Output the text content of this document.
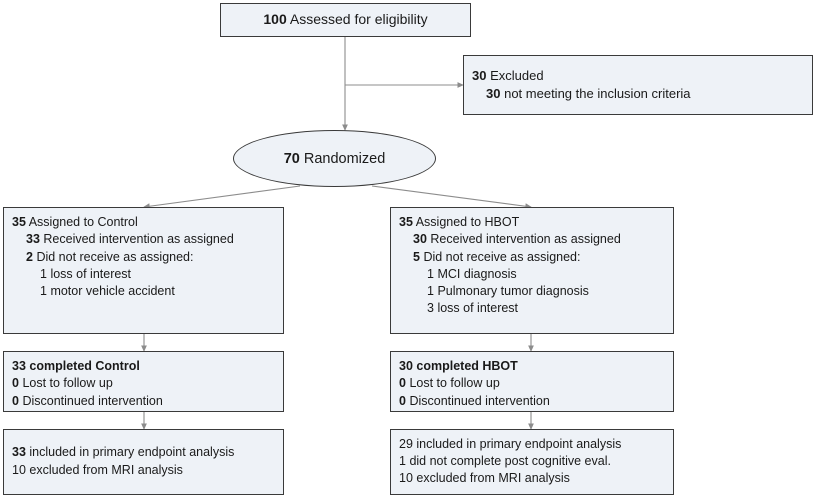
100 Assessed for eligibility
30 Excluded
30 not meeting the inclusion criteria
70 Randomized
35 Assigned to Control
33 Received intervention as assigned
2 Did not receive as assigned:
1 loss of interest
1 motor vehicle accident
35 Assigned to HBOT
30 Received intervention as assigned
5 Did not receive as assigned:
1 MCI diagnosis
1 Pulmonary tumor diagnosis
3 loss of interest
33 completed Control
0 Lost to follow up
0 Discontinued intervention
30 completed HBOT
0 Lost to follow up
0 Discontinued intervention
33 included in primary endpoint analysis
10 excluded from MRI analysis
29 included in primary endpoint analysis
1 did not complete post cognitive eval.
10 excluded from MRI analysis
